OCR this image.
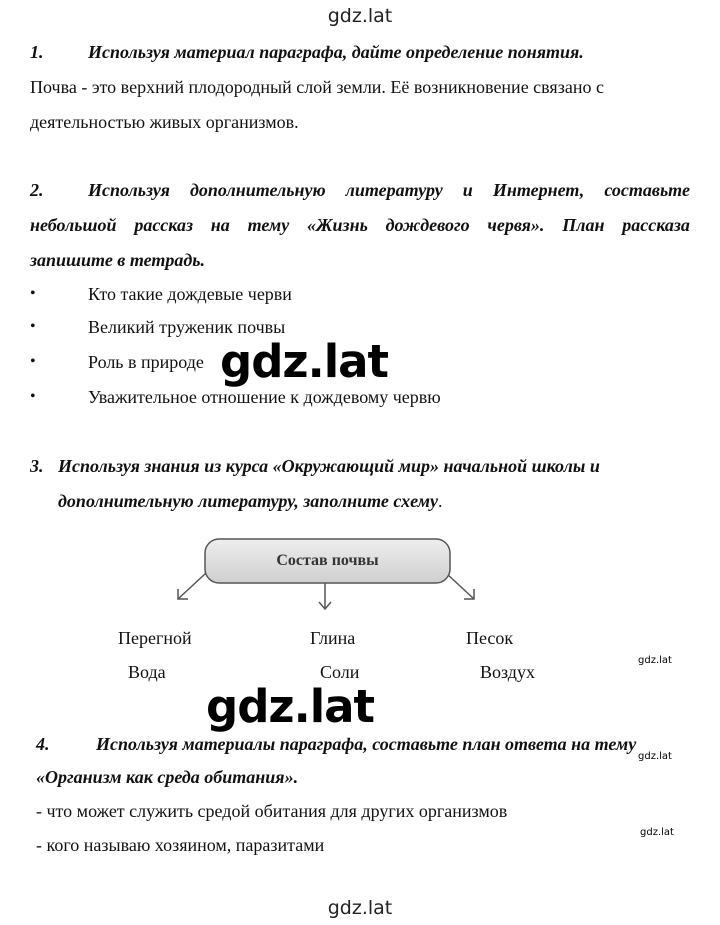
gdz.lat
1. Используя материал параграфа, дайте определение понятия.
Почва - это верхний плодородный слой земли. Её возникновение связано с
деятельностью живых организмов.
2. Используя дополнительную литературу и Интернет, составьте
небольшой рассказ на тему «Жизнь дождевого червя». План рассказа
запишите в тетрадь.
•	Кто такие дождевые черви
•	Великий труженик почвы
•	Роль в природе
•	Уважительное отношение к дождевому червю
gdz.lat
3. Используя знания из курса «Окружающий мир» начальной школы и
дополнительную литературу, заполните схему.
Состав почвы
Перегной	Глина	Песок
Вода	Соли	Воздух
gdz.lat
gdz.lat
4.	Используя материалы параграфа, составьте план ответа на тему
gdz.lat
«Организм как среда обитания».
- что может служить средой обитания для других организмов
gdz.lat
- кого называю хозяином, паразитами
gdz.lat
